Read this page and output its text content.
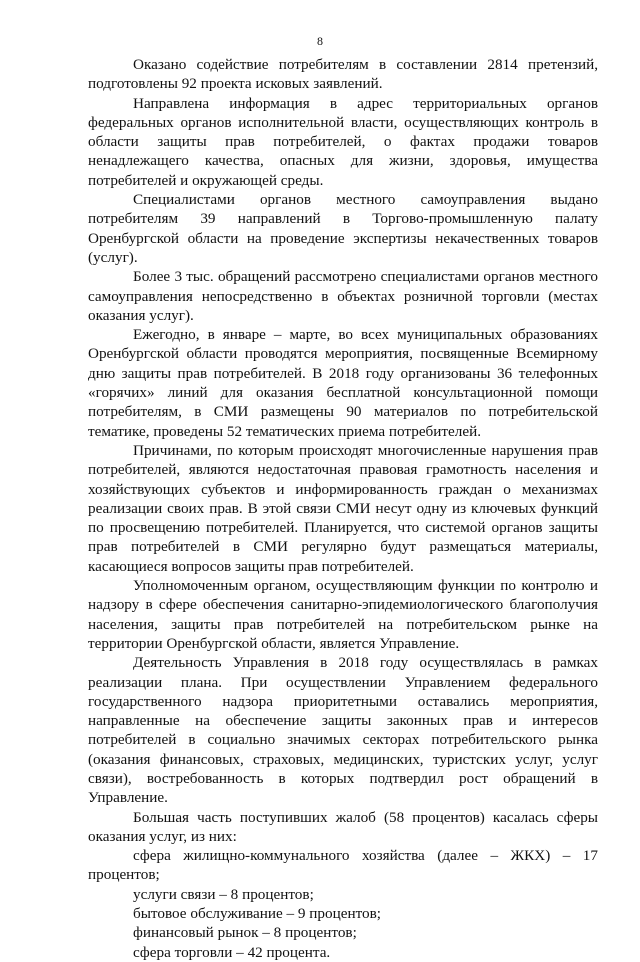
8

Оказано содействие потребителям в составлении 2814 претензий, подготовлены 92 проекта исковых заявлений.

Направлена информация в адрес территориальных органов федеральных органов исполнительной власти, осуществляющих контроль в области защиты прав потребителей, о фактах продажи товаров ненадлежащего качества, опасных для жизни, здоровья, имущества потребителей и окружающей среды.

Специалистами органов местного самоуправления выдано потребителям 39 направлений в Торгово-промышленную палату Оренбургской области на проведение экспертизы некачественных товаров (услуг).

Более 3 тыс. обращений рассмотрено специалистами органов местного самоуправления непосредственно в объектах розничной торговли (местах оказания услуг).

Ежегодно, в январе – марте, во всех муниципальных образованиях Оренбургской области проводятся мероприятия, посвященные Всемирному дню защиты прав потребителей. В 2018 году организованы 36 телефонных «горячих» линий для оказания бесплатной консультационной помощи потребителям, в СМИ размещены 90 материалов по потребительской тематике, проведены 52 тематических приема потребителей.

Причинами, по которым происходят многочисленные нарушения прав потребителей, являются недостаточная правовая грамотность населения и хозяйствующих субъектов и информированность граждан о механизмах реализации своих прав. В этой связи СМИ несут одну из ключевых функций по просвещению потребителей. Планируется, что системой органов защиты прав потребителей в СМИ регулярно будут размещаться материалы, касающиеся вопросов защиты прав потребителей.

Уполномоченным органом, осуществляющим функции по контролю и надзору в сфере обеспечения санитарно-эпидемиологического благополучия населения, защиты прав потребителей на потребительском рынке на территории Оренбургской области, является Управление.

Деятельность Управления в 2018 году осуществлялась в рамках реализации плана. При осуществлении Управлением федерального государственного надзора приоритетными оставались мероприятия, направленные на обеспечение защиты законных прав и интересов потребителей в социально значимых секторах потребительского рынка (оказания финансовых, страховых, медицинских, туристских услуг, услуг связи), востребованность в которых подтвердил рост обращений в Управление.

Большая часть поступивших жалоб (58 процентов) касалась сферы оказания услуг, из них:

сфера жилищно-коммунального хозяйства (далее – ЖКХ) – 17 процентов;

услуги связи – 8 процентов;
бытовое обслуживание – 9 процентов;
финансовый рынок – 8 процентов;
сфера торговли – 42 процента.
